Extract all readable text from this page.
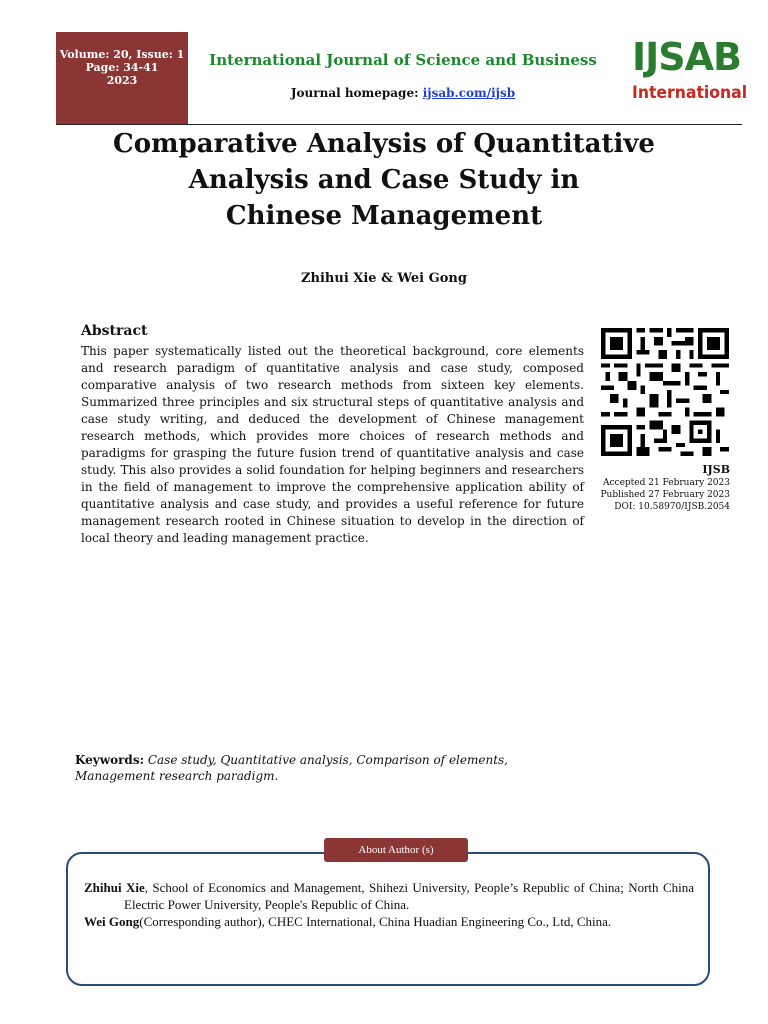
Volume: 20, Issue: 1
Page: 34-41
2023
International Journal of Science and Business
Journal homepage: ijsab.com/ijsb
IJSAB
International
Comparative Analysis of Quantitative
Analysis and Case Study in
Chinese Management
Zhihui Xie & Wei Gong
Abstract
This paper systematically listed out the theoretical background, core elements and research paradigm of quantitative analysis and case study, composed comparative analysis of two research methods from sixteen key elements. Summarized three principles and six structural steps of quantitative analysis and case study writing, and deduced the development of Chinese management research methods, which provides more choices of research methods and paradigms for grasping the future fusion trend of quantitative analysis and case study. This also provides a solid foundation for helping beginners and researchers in the field of management to improve the comprehensive application ability of quantitative analysis and case study, and provides a useful reference for future management research rooted in Chinese situation to develop in the direction of local theory and leading management practice.
IJSB
Accepted 21 February 2023
Published 27 February 2023
DOI: 10.58970/IJSB.2054
Keywords: Case study, Quantitative analysis, Comparison of elements, Management research paradigm.
About Author (s)

Zhihui Xie, School of Economics and Management, Shihezi University, People’s Republic of China; North China Electric Power University, People's Republic of China.

Wei Gong(Corresponding author), CHEC International, China Huadian Engineering Co., Ltd, China.
